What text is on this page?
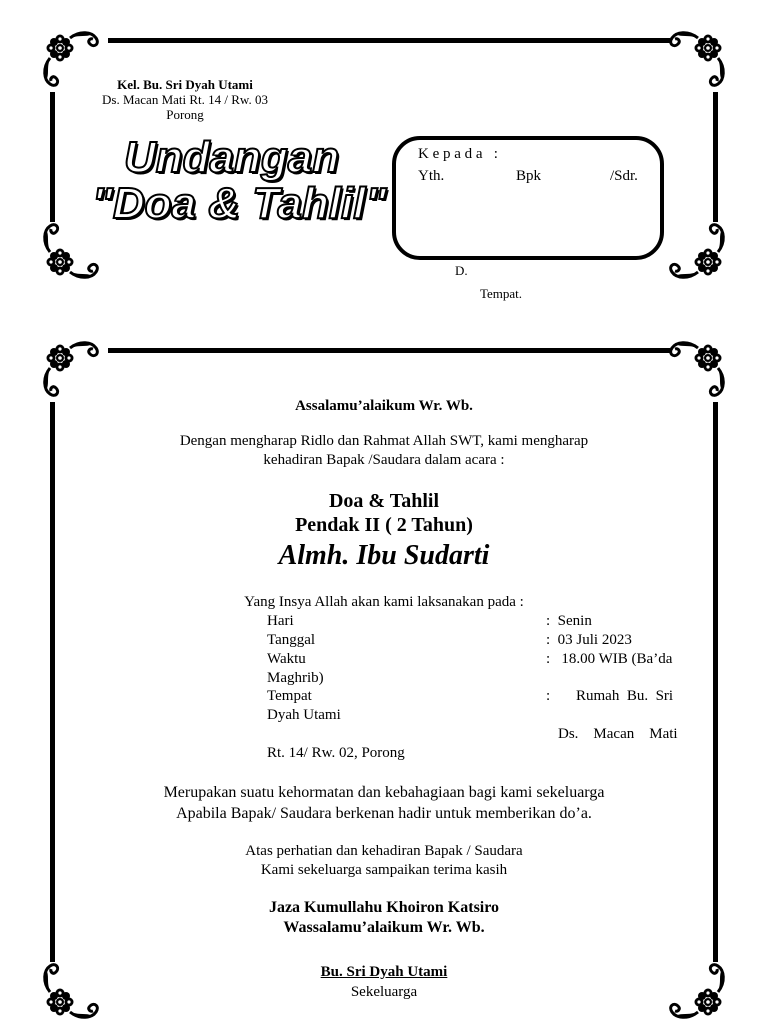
Kel. Bu. Sri Dyah Utami
Ds. Macan Mati Rt. 14 / Rw. 03
Porong
Undangan
"Doa & Tahlil"
K e p a d a   :
Yth.	Bpk	/Sdr.
D.
Tempat.
Assalamu’alaikum Wr. Wb.
Dengan mengharap Ridlo dan Rahmat Allah SWT, kami mengharap
kehadiran Bapak /Saudara dalam acara :
Doa & Tahlil
Pendak II ( 2 Tahun)
Almh. Ibu Sudarti
Yang Insya Allah akan kami laksanakan pada :
Hari	:  Senin
Tanggal	:  03 Juli 2023
Waktu	:   18.00 WIB (Ba’da
Maghrib)
Tempat	: Rumah  Bu.  Sri
Dyah Utami
Ds.    Macan    Mati
Rt. 14/ Rw. 02, Porong
Merupakan suatu kehormatan dan kebahagiaan bagi kami sekeluarga
Apabila Bapak/ Saudara berkenan hadir untuk memberikan do’a.
Atas perhatian dan kehadiran Bapak / Saudara
Kami sekeluarga sampaikan terima kasih
Jaza Kumullahu Khoiron Katsiro
Wassalamu’alaikum Wr. Wb.
Bu. Sri Dyah Utami
Sekeluarga
